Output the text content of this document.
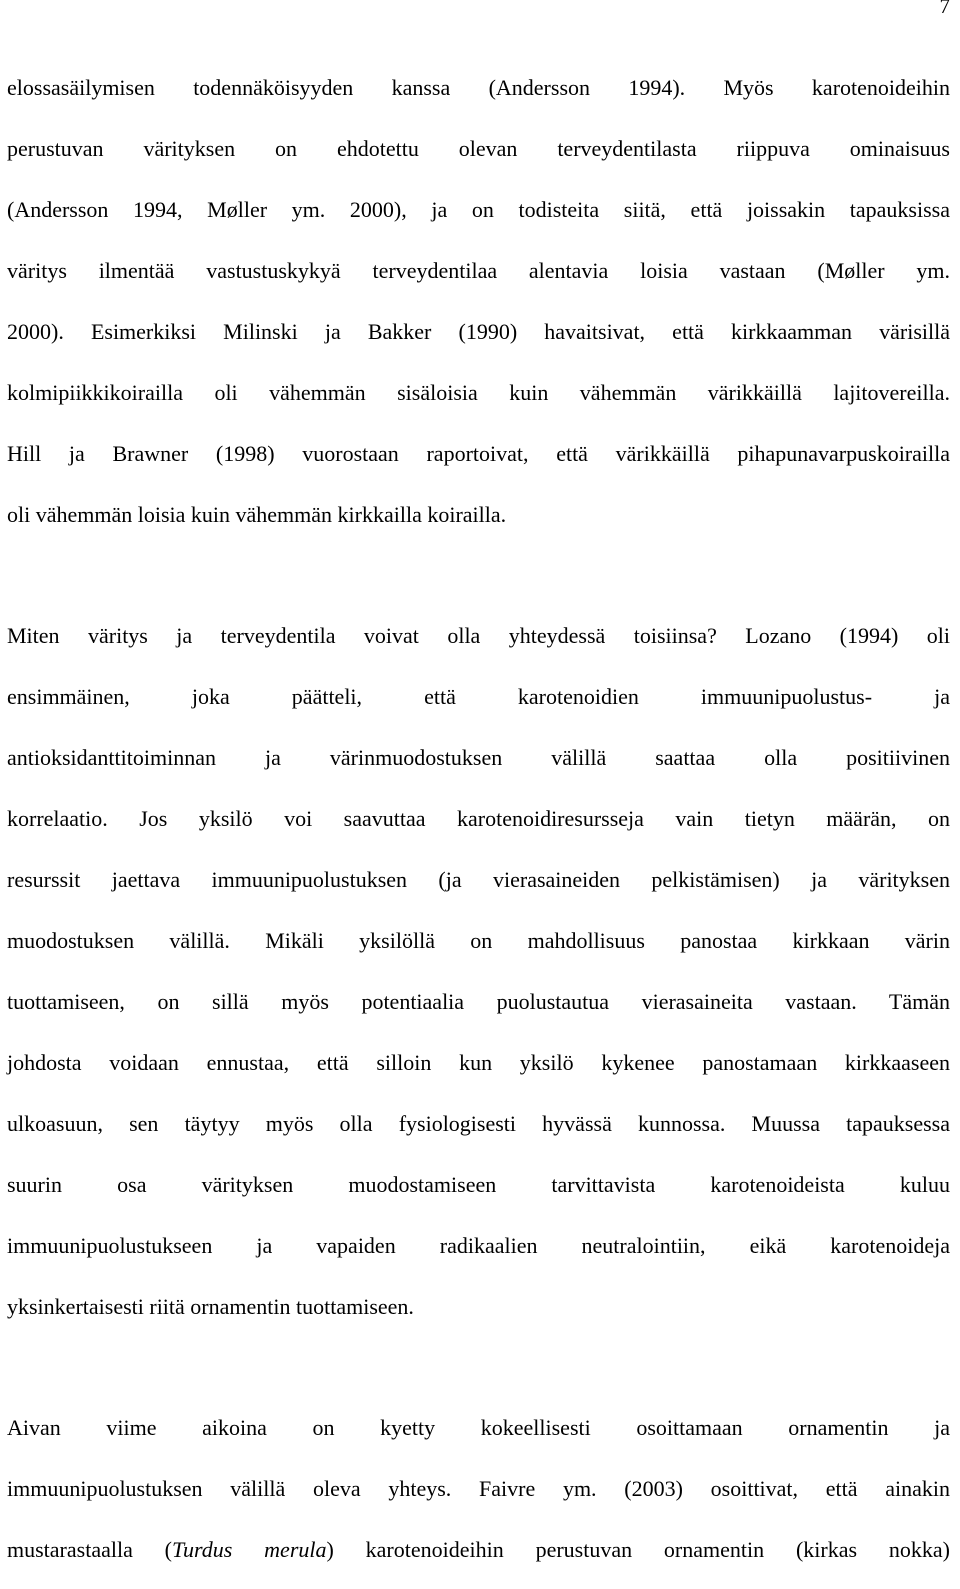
7
elossasäilymisen todennäköisyyden kanssa (Andersson 1994). Myös karotenoideihin
perustuvan värityksen on ehdotettu olevan terveydentilasta riippuva ominaisuus
(Andersson 1994, Møller ym. 2000), ja on todisteita siitä, että joissakin tapauksissa
väritys ilmentää vastustuskykyä terveydentilaa alentavia loisia vastaan (Møller ym.
2000). Esimerkiksi Milinski ja Bakker (1990) havaitsivat, että kirkkaamman värisillä
kolmipiikkikoirailla oli vähemmän sisäloisia kuin vähemmän värikkäillä lajitovereilla.
Hill ja Brawner (1998) vuorostaan raportoivat, että värikkäillä pihapunavarpuskoirailla
oli vähemmän loisia kuin vähemmän kirkkailla koirailla.
Miten väritys ja terveydentila voivat olla yhteydessä toisiinsa? Lozano (1994) oli
ensimmäinen, joka päätteli, että karotenoidien immuunipuolustus- ja
antioksidanttitoiminnan ja värinmuodostuksen välillä saattaa olla positiivinen
korrelaatio. Jos yksilö voi saavuttaa karotenoidiresursseja vain tietyn määrän, on
resurssit jaettava immuunipuolustuksen (ja vierasaineiden pelkistämisen) ja värityksen
muodostuksen välillä. Mikäli yksilöllä on mahdollisuus panostaa kirkkaan värin
tuottamiseen, on sillä myös potentiaalia puolustautua vierasaineita vastaan. Tämän
johdosta voidaan ennustaa, että silloin kun yksilö kykenee panostamaan kirkkaaseen
ulkoasuun, sen täytyy myös olla fysiologisesti hyvässä kunnossa. Muussa tapauksessa
suurin osa värityksen muodostamiseen tarvittavista karotenoideista kuluu
immuunipuolustukseen ja vapaiden radikaalien neutralointiin, eikä karotenoideja
yksinkertaisesti riitä ornamentin tuottamiseen.
Aivan viime aikoina on kyetty kokeellisesti osoittamaan ornamentin ja
immuunipuolustuksen välillä oleva yhteys. Faivre ym. (2003) osoittivat, että ainakin
mustarastaalla (Turdus merula) karotenoideihin perustuvan ornamentin (kirkas nokka)
